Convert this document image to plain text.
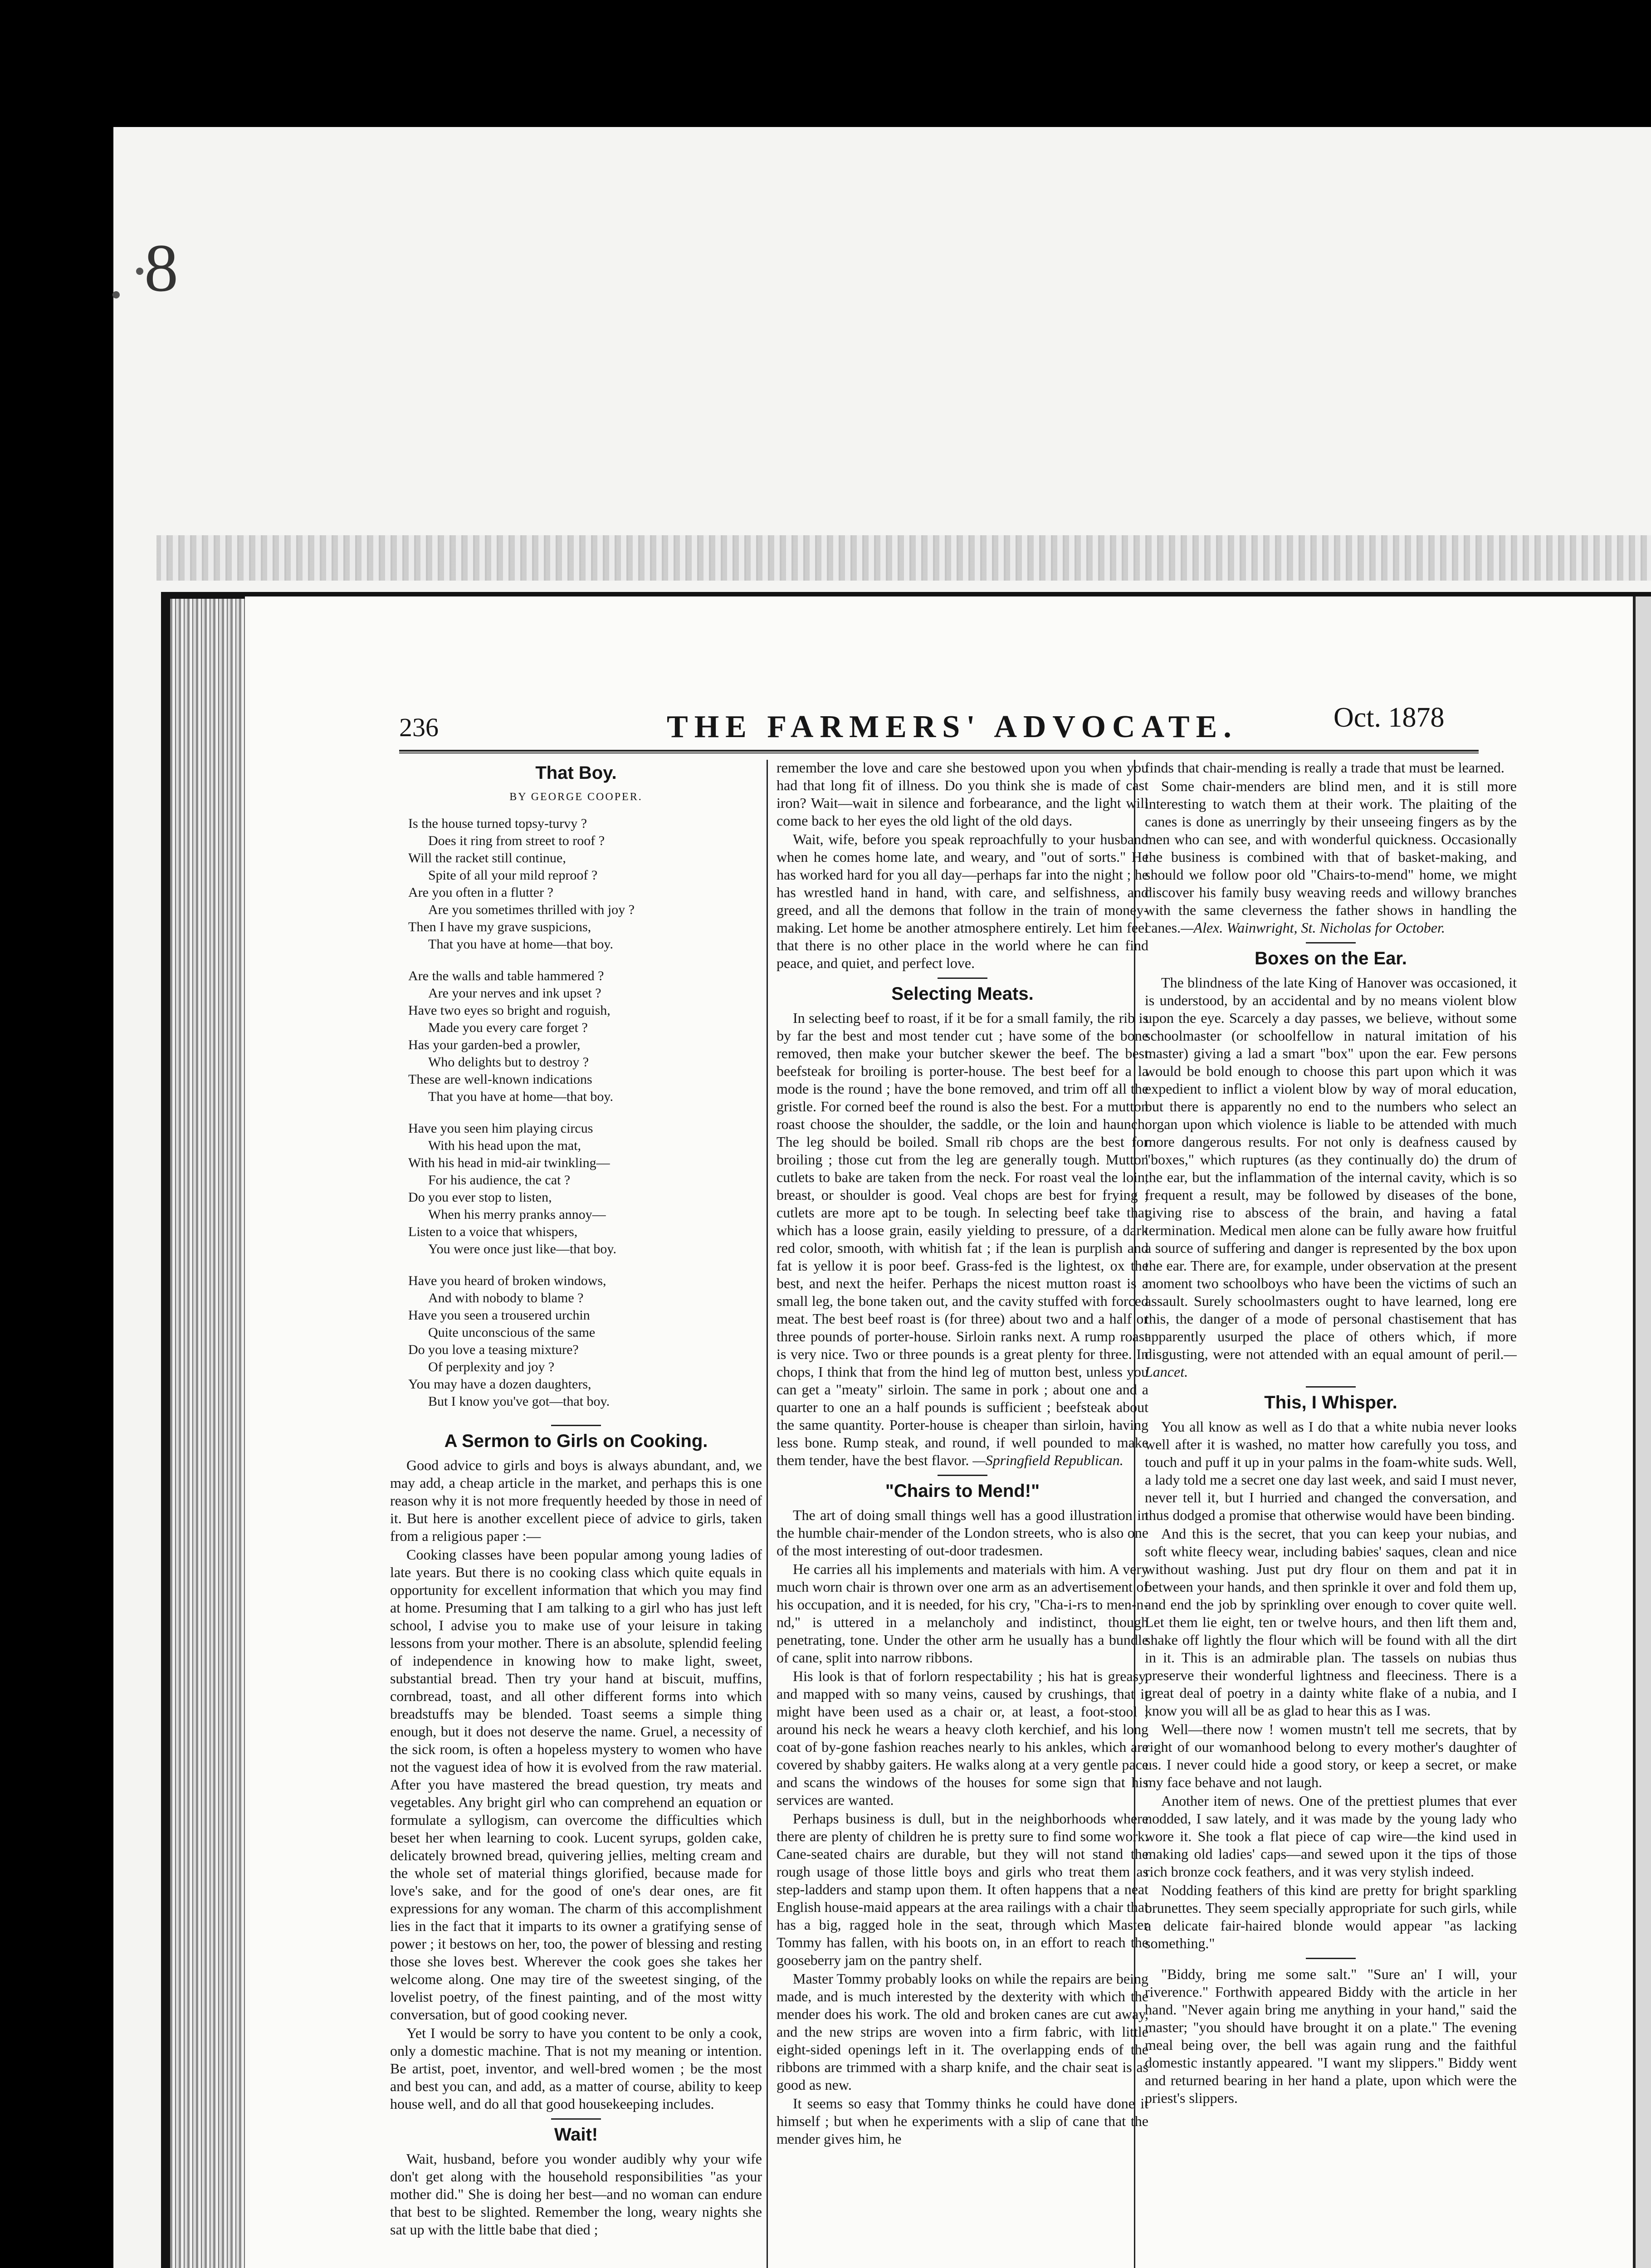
8
236	THE FARMERS' ADVOCATE.	Oct. 1878
That Boy.
BY GEORGE COOPER.
Is the house turned topsy-turvy ?
Does it ring from street to roof ?
Will the racket still continue,
Spite of all your mild reproof ?
Are you often in a flutter ?
Are you sometimes thrilled with joy ?
Then I have my grave suspicions,
That you have at home—that boy.
Are the walls and table hammered ?
Are your nerves and ink upset ?
Have two eyes so bright and roguish,
Made you every care forget ?
Has your garden-bed a prowler,
Who delights but to destroy ?
These are well-known indications
That you have at home—that boy.
Have you seen him playing circus
With his head upon the mat,
With his head in mid-air twinkling—
For his audience, the cat ?
Do you ever stop to listen,
When his merry pranks annoy—
Listen to a voice that whispers,
You were once just like—that boy.
Have you heard of broken windows,
And with nobody to blame ?
Have you seen a trousered urchin
Quite unconscious of the same
Do you love a teasing mixture?
Of perplexity and joy ?
You may have a dozen daughters,
But I know you've got—that boy.
A Sermon to Girls on Cooking.

Good advice to girls and boys is always abundant, and, we may add, a cheap article in the market, and perhaps this is one reason why it is not more frequently heeded by those in need of it. But here is another excellent piece of advice to girls, taken from a religious paper :—

Cooking classes have been popular among young ladies of late years. But there is no cooking class which quite equals in opportunity for excellent information that which you may find at home. Presuming that I am talking to a girl who has just left school, I advise you to make use of your leisure in taking lessons from your mother. There is an absolute, splendid feeling of independence in knowing how to make light, sweet, substantial bread. Then try your hand at biscuit, muffins, cornbread, toast, and all other different forms into which breadstuffs may be blended. Toast seems a simple thing enough, but it does not deserve the name. Gruel, a necessity of the sick room, is often a hopeless mystery to women who have not the vaguest idea of how it is evolved from the raw material. After you have mastered the bread question, try meats and vegetables. Any bright girl who can comprehend an equation or formulate a syllogism, can overcome the difficulties which beset her when learning to cook. Lucent syrups, golden cake, delicately browned bread, quivering jellies, melting cream and the whole set of material things glorified, because made for love's sake, and for the good of one's dear ones, are fit expressions for any woman. The charm of this accomplishment lies in the fact that it imparts to its owner a gratifying sense of power ; it bestows on her, too, the power of blessing and resting those she loves best. Wherever the cook goes she takes her welcome along. One may tire of the sweetest singing, of the lovelist poetry, of the finest painting, and of the most witty conversation, but of good cooking never.

Yet I would be sorry to have you content to be only a cook, only a domestic machine. That is not my meaning or intention. Be artist, poet, inventor, and well-bred women ; be the most and best you can, and add, as a matter of course, ability to keep house well, and do all that good housekeeping includes.

Wait!

Wait, husband, before you wonder audibly why your wife don't get along with the household responsibilities "as your mother did." She is doing her best—and no woman can endure that best to be slighted. Remember the long, weary nights she sat up with the little babe that died ;

remember the love and care she bestowed upon you when you had that long fit of illness. Do you think she is made of cast iron? Wait—wait in silence and forbearance, and the light will come back to her eyes the old light of the old days.

Wait, wife, before you speak reproachfully to your husband when he comes home late, and weary, and "out of sorts." He has worked hard for you all day—perhaps far into the night ; he has wrestled hand in hand, with care, and selfishness, and greed, and all the demons that follow in the train of money-making. Let home be another atmosphere entirely. Let him feel that there is no other place in the world where he can find peace, and quiet, and perfect love.

Selecting Meats.

In selecting beef to roast, if it be for a small family, the rib is by far the best and most tender cut ; have some of the bone removed, then make your butcher skewer the beef. The best beefsteak for broiling is porter-house. The best beef for a la mode is the round ; have the bone removed, and trim off all the gristle. For corned beef the round is also the best. For a mutton roast choose the shoulder, the saddle, or the loin and haunch. The leg should be boiled. Small rib chops are the best for broiling ; those cut from the leg are generally tough. Mutton cutlets to bake are taken from the neck. For roast veal the loin, breast, or shoulder is good. Veal chops are best for frying ; cutlets are more apt to be tough. In selecting beef take that which has a loose grain, easily yielding to pressure, of a dark red color, smooth, with whitish fat ; if the lean is purplish and fat is yellow it is poor beef. Grass-fed is the lightest, ox the best, and next the heifer. Perhaps the nicest mutton roast is a small leg, the bone taken out, and the cavity stuffed with forced meat. The best beef roast is (for three) about two and a half or three pounds of porter-house. Sirloin ranks next. A rump roast is very nice. Two or three pounds is a great plenty for three. In chops, I think that from the hind leg of mutton best, unless you can get a "meaty" sirloin. The same in pork ; about one and a quarter to one an a half pounds is sufficient ; beefsteak about the same quantity. Porter-house is cheaper than sirloin, having less bone. Rump steak, and round, if well pounded to make them tender, have the best flavor. —Springfield Republican.

"Chairs to Mend!"

The art of doing small things well has a good illustration in the humble chair-mender of the London streets, who is also one of the most interesting of out-door tradesmen.

He carries all his implements and materials with him. A very much worn chair is thrown over one arm as an advertisement of his occupation, and it is needed, for his cry, "Cha-i-rs to men-n-nd," is uttered in a melancholy and indistinct, though penetrating, tone. Under the other arm he usually has a bundle of cane, split into narrow ribbons.

His look is that of forlorn respectability ; his hat is greasy, and mapped with so many veins, caused by crushings, that it might have been used as a chair or, at least, a foot-stool ; around his neck he wears a heavy cloth kerchief, and his long coat of by-gone fashion reaches nearly to his ankles, which are covered by shabby gaiters. He walks along at a very gentle pace and scans the windows of the houses for some sign that his services are wanted.

Perhaps business is dull, but in the neighborhoods where there are plenty of children he is pretty sure to find some work. Cane-seated chairs are durable, but they will not stand the rough usage of those little boys and girls who treat them as step-ladders and stamp upon them. It often happens that a neat English house-maid appears at the area railings with a chair that has a big, ragged hole in the seat, through which Master Tommy has fallen, with his boots on, in an effort to reach the gooseberry jam on the pantry shelf.

Master Tommy probably looks on while the repairs are being made, and is much interested by the dexterity with which the mender does his work. The old and broken canes are cut away, and the new strips are woven into a firm fabric, with little eight-sided openings left in it. The overlapping ends of the ribbons are trimmed with a sharp knife, and the chair seat is as good as new.

It seems so easy that Tommy thinks he could have done it himself ; but when he experiments with a slip of cane that the mender gives him, he

finds that chair-mending is really a trade that must be learned.

Some chair-menders are blind men, and it is still more interesting to watch them at their work. The plaiting of the canes is done as unerringly by their unseeing fingers as by the men who can see, and with wonderful quickness. Occasionally the business is combined with that of basket-making, and should we follow poor old "Chairs-to-mend" home, we might discover his family busy weaving reeds and willowy branches with the same cleverness the father shows in handling the canes.—Alex. Wainwright, St. Nicholas for October.

Boxes on the Ear.

The blindness of the late King of Hanover was occasioned, it is understood, by an accidental and by no means violent blow upon the eye. Scarcely a day passes, we believe, without some schoolmaster (or schoolfellow in natural imitation of his master) giving a lad a smart "box" upon the ear. Few persons would be bold enough to choose this part upon which it was expedient to inflict a violent blow by way of moral education, but there is apparently no end to the numbers who select an organ upon which violence is liable to be attended with much more dangerous results. For not only is deafness caused by "boxes," which ruptures (as they continually do) the drum of the ear, but the inflammation of the internal cavity, which is so frequent a result, may be followed by diseases of the bone, giving rise to abscess of the brain, and having a fatal termination. Medical men alone can be fully aware how fruitful a source of suffering and danger is represented by the box upon the ear. There are, for example, under observation at the present moment two schoolboys who have been the victims of such an assault. Surely schoolmasters ought to have learned, long ere this, the danger of a mode of personal chastisement that has apparently usurped the place of others which, if more disgusting, were not attended with an equal amount of peril.—Lancet.

This, I Whisper.

You all know as well as I do that a white nubia never looks well after it is washed, no matter how carefully you toss, and touch and puff it up in your palms in the foam-white suds. Well, a lady told me a secret one day last week, and said I must never, never tell it, but I hurried and changed the conversation, and thus dodged a promise that otherwise would have been binding.

And this is the secret, that you can keep your nubias, and soft white fleecy wear, including babies' saques, clean and nice without washing. Just put dry flour on them and pat it in between your hands, and then sprinkle it over and fold them up, and end the job by sprinkling over enough to cover quite well. Let them lie eight, ten or twelve hours, and then lift them and, shake off lightly the flour which will be found with all the dirt in it. This is an admirable plan. The tassels on nubias thus preserve their wonderful lightness and fleeciness. There is a great deal of poetry in a dainty white flake of a nubia, and I know you will all be as glad to hear this as I was.

Well—there now ! women mustn't tell me secrets, that by right of our womanhood belong to every mother's daughter of us. I never could hide a good story, or keep a secret, or make my face behave and not laugh.

Another item of news. One of the prettiest plumes that ever nodded, I saw lately, and it was made by the young lady who wore it. She took a flat piece of cap wire—the kind used in making old ladies' caps—and sewed upon it the tips of those rich bronze cock feathers, and it was very stylish indeed.

Nodding feathers of this kind are pretty for bright sparkling brunettes. They seem specially appropriate for such girls, while a delicate fair-haired blonde would appear "as lacking something."

"Biddy, bring me some salt." "Sure an' I will, your riverence." Forthwith appeared Biddy with the article in her hand. "Never again bring me anything in your hand," said the master; "you should have brought it on a plate." The evening meal being over, the bell was again rung and the faithful domestic instantly appeared. "I want my slippers." Biddy went and returned bearing in her hand a plate, upon which were the priest's slippers.
